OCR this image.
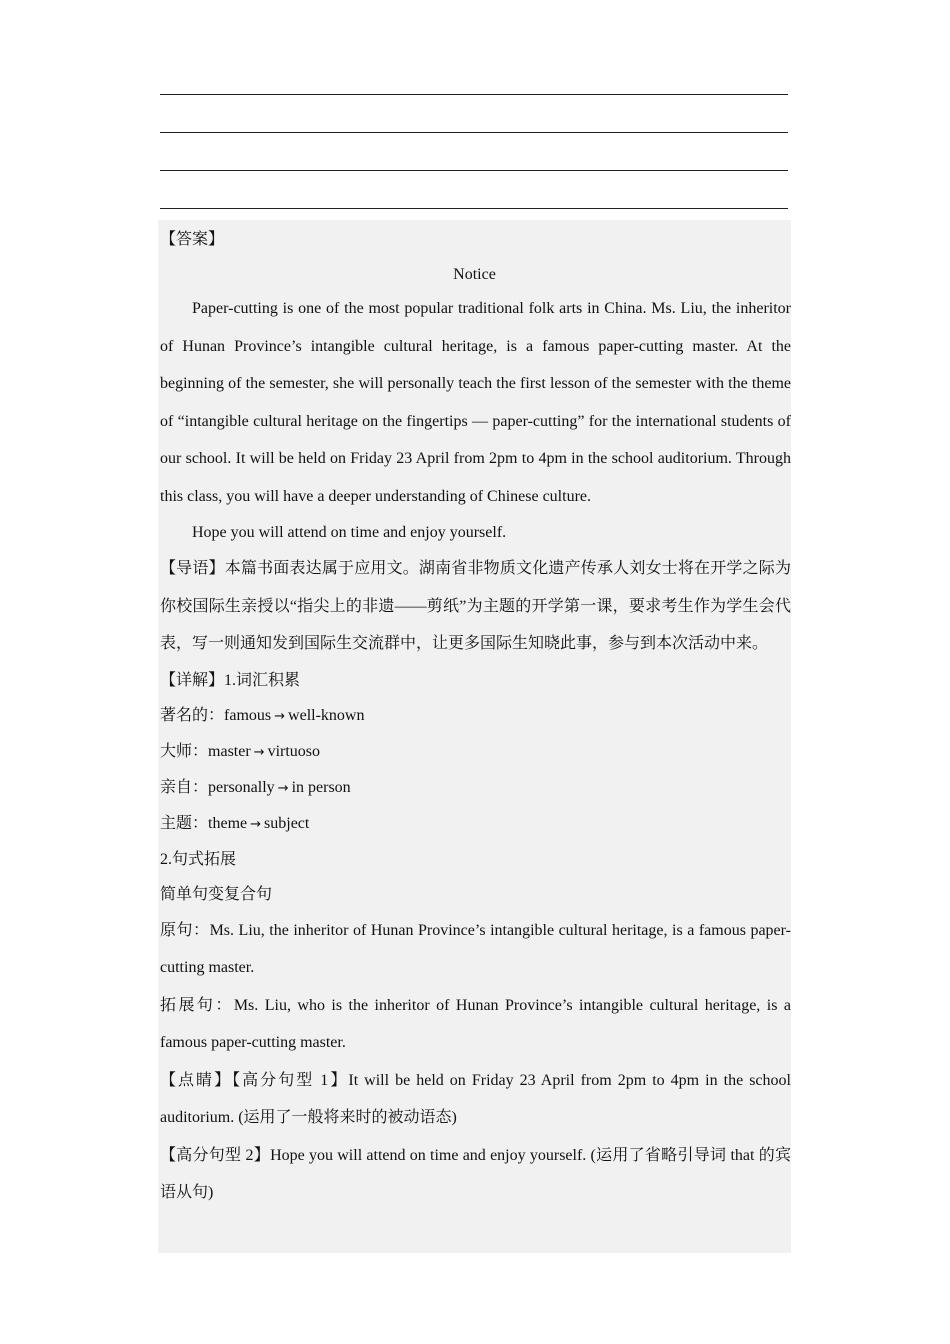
【答案】
Notice
Paper-cutting is one of the most popular traditional folk arts in China. Ms. Liu, the inheritor of Hunan Province’s intangible cultural heritage, is a famous paper-cutting master. At the beginning of the semester, she will personally teach the first lesson of the semester with the theme of “intangible cultural heritage on the fingertips — paper-cutting” for the international students of our school. It will be held on Friday 23 April from 2pm to 4pm in the school auditorium. Through this class, you will have a deeper understanding of Chinese culture.
Hope you will attend on time and enjoy yourself.
【导语】本篇书面表达属于应用文。湖南省非物质文化遗产传承人刘女士将在开学之际为你校国际生亲授以“指尖上的非遗——剪纸”为主题的开学第一课，要求考生作为学生会代表，写一则通知发到国际生交流群中，让更多国际生知晓此事，参与到本次活动中来。
【详解】1.词汇积累
著名的：famous → well-known
大师：master → virtuoso
亲自：personally → in person
主题：theme → subject
2.句式拓展
简单句变复合句
原句：Ms. Liu, the inheritor of Hunan Province’s intangible cultural heritage, is a famous paper-cutting master.
拓展句：Ms. Liu, who is the inheritor of Hunan Province’s intangible cultural heritage, is a famous paper-cutting master.
【点睛】【高分句型 1】It will be held on Friday 23 April from 2pm to 4pm in the school auditorium. (运用了一般将来时的被动语态)
【高分句型 2】Hope you will attend on time and enjoy yourself. (运用了省略引导词 that 的宾语从句)
